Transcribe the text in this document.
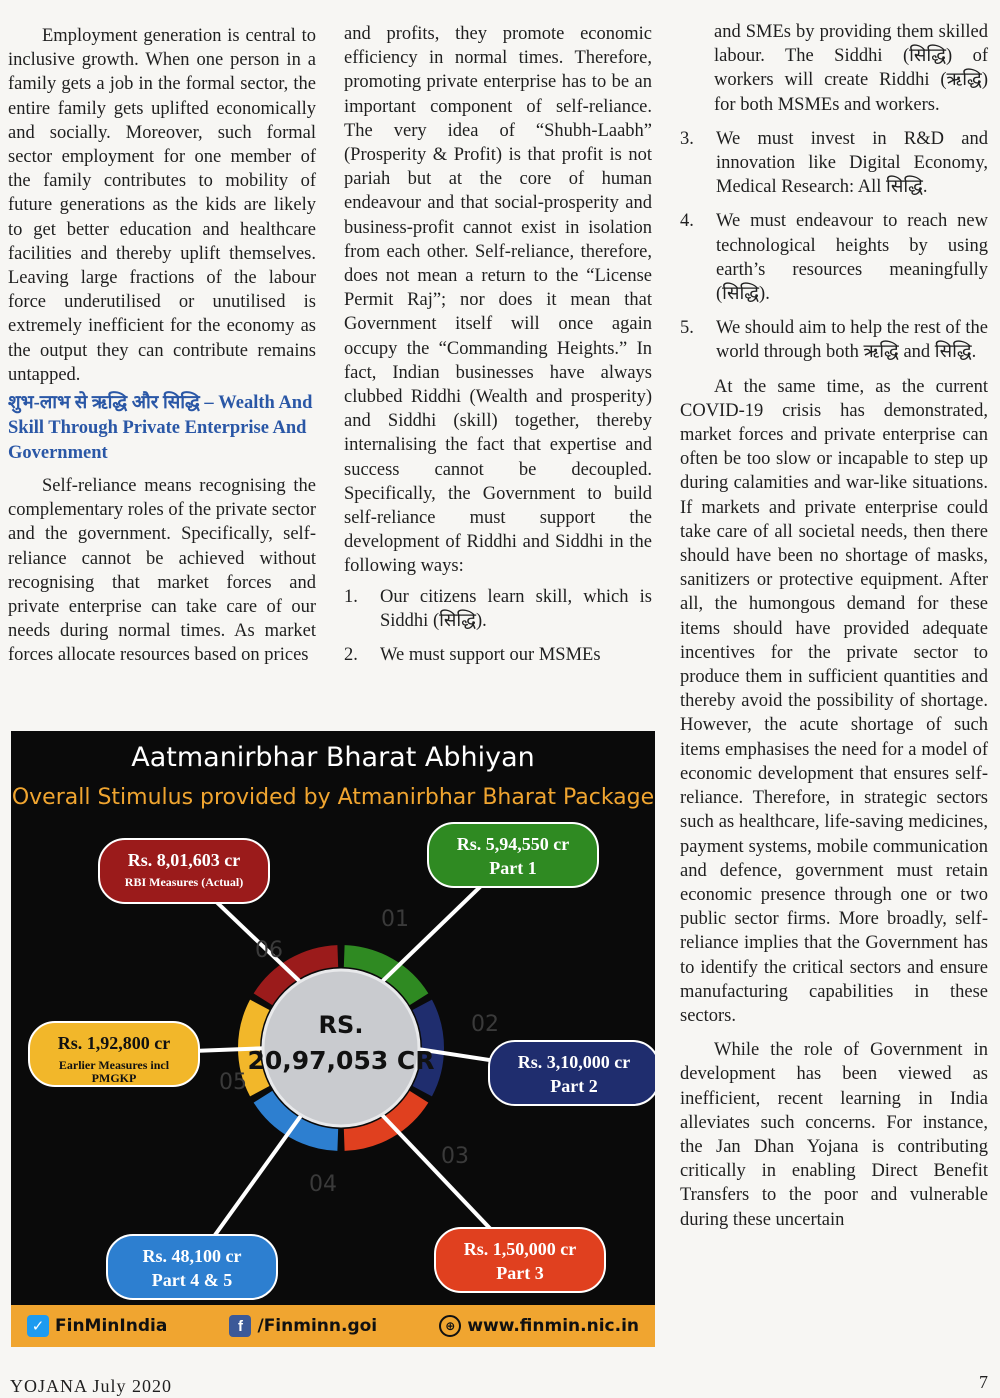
Employment generation is central to inclusive growth. When one person in a family gets a job in the formal sector, the entire family gets uplifted economically and socially. Moreover, such formal sector employment for one member of the family contributes to mobility of future generations as the kids are likely to get better education and healthcare facilities and thereby uplift themselves. Leaving large fractions of the labour force underutilised or unutilised is extremely inefficient for the economy as the output they can contribute remains untapped.

शुभ-लाभ से ऋद्धि और सिद्धि – Wealth And Skill Through Private Enterprise And Government

Self-reliance means recognising the complementary roles of the private sector and the government. Specifically, self-reliance cannot be achieved without recognising that market forces and private enterprise can take care of our needs during normal times. As market forces allocate resources based on prices

and profits, they promote economic efficiency in normal times. Therefore, promoting private enterprise has to be an important component of self-reliance. The very idea of “Shubh-Laabh” (Prosperity & Profit) is that profit is not pariah but at the core of human endeavour and that social-prosperity and business-profit cannot exist in isolation from each other. Self-reliance, therefore, does not mean a return to the “License Permit Raj”; nor does it mean that Government itself will once again occupy the “Commanding Heights.” In fact, Indian businesses have always clubbed Riddhi (Wealth and prosperity) and Siddhi (skill) together, thereby internalising the fact that expertise and success cannot be decoupled. Specifically, the Government to build self-reliance must support the development of Riddhi and Siddhi in the following ways:

1. Our citizens learn skill, which is Siddhi (सिद्धि).
2. We must support our MSMEs

and SMEs by providing them skilled labour. The Siddhi (सिद्धि) of workers will create Riddhi (ऋद्धि) for both MSMEs and workers.

3. We must invest in R&D and innovation like Digital Economy, Medical Research: All सिद्धि.
4. We must endeavour to reach new technological heights by using earth’s resources meaningfully (सिद्धि).
5. We should aim to help the rest of the world through both ऋद्धि and सिद्धि.

At the same time, as the current COVID-19 crisis has demonstrated, market forces and private enterprise can often be too slow or incapable to step up during calamities and war-like situations. If markets and private enterprise could take care of all societal needs, then there should have been no shortage of masks, sanitizers or protective equipment. After all, the humongous demand for these items should have provided adequate incentives for the private sector to produce them in sufficient quantities and thereby avoid the possibility of shortage. However, the acute shortage of such items emphasises the need for a model of economic development that ensures self-reliance. Therefore, in strategic sectors such as healthcare, life-saving medicines, payment systems, mobile communication and defence, government must retain economic presence through one or two public sector firms. More broadly, self-reliance implies that the Government has to identify the critical sectors and ensure manufacturing capabilities in these sectors.

While the role of Government in development has been viewed as inefficient, recent learning in India alleviates such concerns. For instance, the Jan Dhan Yojana is contributing critically in enabling Direct Benefit Transfers to the poor and vulnerable during these uncertain

Aatmanirbhar Bharat Abhiyan
Overall Stimulus provided by Atmanirbhar Bharat Package
01
02
03
04
05
06
RS.
20,97,053 CR
Rs. 5,94,550 cr
Part 1
Rs. 3,10,000 cr
Part 2
Rs. 1,50,000 cr
Part 3
Rs. 48,100 cr
Part 4 & 5
Rs. 1,92,800 cr
Earlier Measures incl
PMGKP
Rs. 8,01,603 cr
RBI Measures (Actual)
✓ FinMinIndia	f /Finminn.goi	⊕ www.finmin.nic.in
YOJANA July 2020	7
